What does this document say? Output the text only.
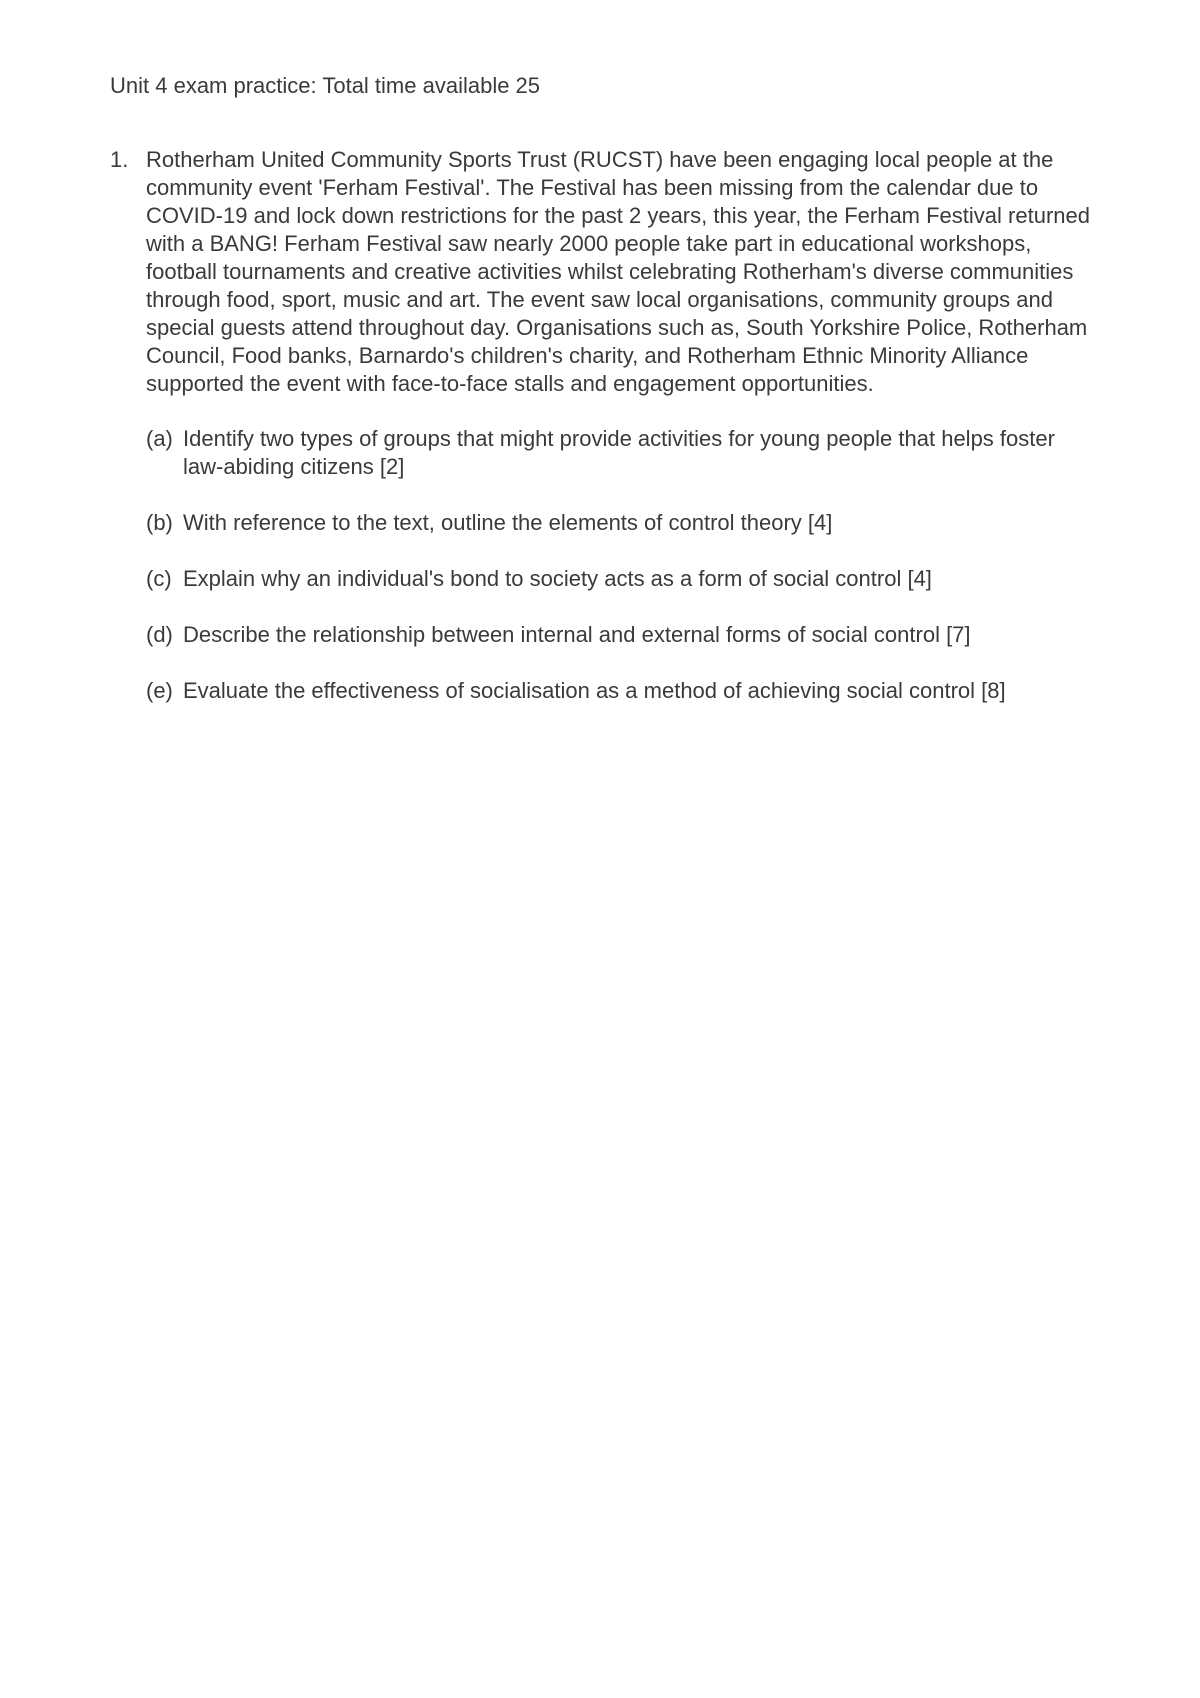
Unit 4 exam practice: Total time available 25
1. Rotherham United Community Sports Trust (RUCST) have been engaging local people at the community event 'Ferham Festival'. The Festival has been missing from the calendar due to COVID-19 and lock down restrictions for the past 2 years, this year, the Ferham Festival returned with a BANG! Ferham Festival saw nearly 2000 people take part in educational workshops, football tournaments and creative activities whilst celebrating Rotherham's diverse communities through food, sport, music and art. The event saw local organisations, community groups and special guests attend throughout day. Organisations such as, South Yorkshire Police, Rotherham Council, Food banks, Barnardo's children's charity, and Rotherham Ethnic Minority Alliance supported the event with face-to-face stalls and engagement opportunities.
(a) Identify two types of groups that might provide activities for young people that helps foster law-abiding citizens [2]
(b) With reference to the text, outline the elements of control theory [4]
(c) Explain why an individual's bond to society acts as a form of social control [4]
(d) Describe the relationship between internal and external forms of social control [7]
(e) Evaluate the effectiveness of socialisation as a method of achieving social control [8]
